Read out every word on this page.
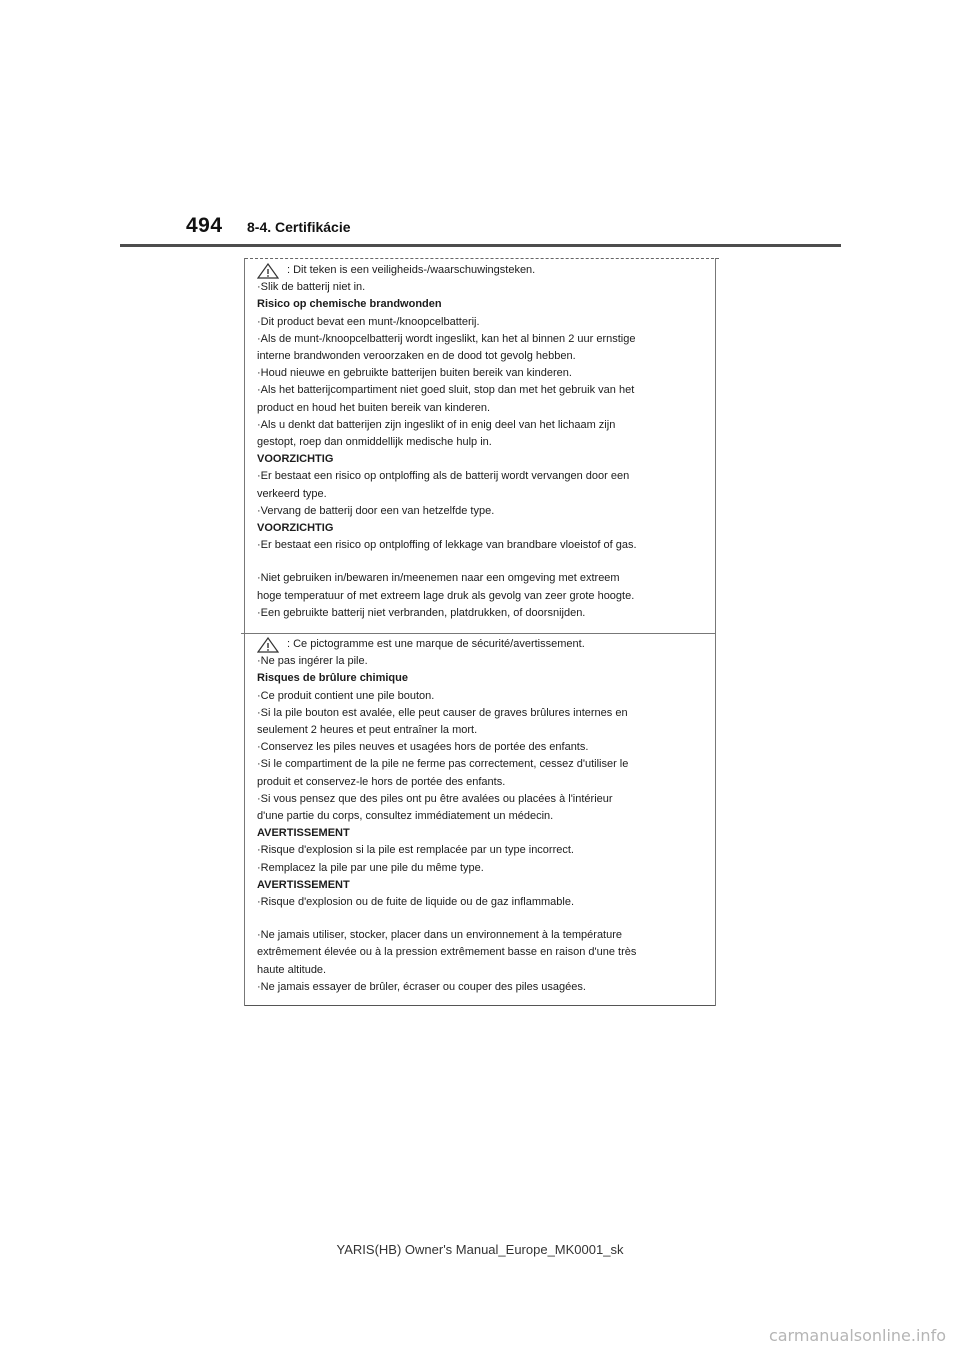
494 8-4. Certifikácie
: Dit teken is een veiligheids-/waarschuwingsteken.
·Slik de batterij niet in.
Risico op chemische brandwonden
·Dit product bevat een munt-/knoopcelbatterij.
·Als de munt-/knoopcelbatterij wordt ingeslikt, kan het al binnen 2 uur ernstige
interne brandwonden veroorzaken en de dood tot gevolg hebben.
·Houd nieuwe en gebruikte batterijen buiten bereik van kinderen.
·Als het batterijcompartiment niet goed sluit, stop dan met het gebruik van het
product en houd het buiten bereik van kinderen.
·Als u denkt dat batterijen zijn ingeslikt of in enig deel van het lichaam zijn
gestopt, roep dan onmiddellijk medische hulp in.
VOORZICHTIG
·Er bestaat een risico op ontploffing als de batterij wordt vervangen door een
verkeerd type.
·Vervang de batterij door een van hetzelfde type.
VOORZICHTIG
·Er bestaat een risico op ontploffing of lekkage van brandbare vloeistof of gas.
·Niet gebruiken in/bewaren in/meenemen naar een omgeving met extreem
hoge temperatuur of met extreem lage druk als gevolg van zeer grote hoogte.
·Een gebruikte batterij niet verbranden, platdrukken, of doorsnijden.
: Ce pictogramme est une marque de sécurité/avertissement.
·Ne pas ingérer la pile.
Risques de brûlure chimique
·Ce produit contient une pile bouton.
·Si la pile bouton est avalée, elle peut causer de graves brûlures internes en
seulement 2 heures et peut entraîner la mort.
·Conservez les piles neuves et usagées hors de portée des enfants.
·Si le compartiment de la pile ne ferme pas correctement, cessez d'utiliser le
produit et conservez-le hors de portée des enfants.
·Si vous pensez que des piles ont pu être avalées ou placées à l'intérieur
d'une partie du corps, consultez immédiatement un médecin.
AVERTISSEMENT
·Risque d'explosion si la pile est remplacée par un type incorrect.
·Remplacez la pile par une pile du même type.
AVERTISSEMENT
·Risque d'explosion ou de fuite de liquide ou de gaz inflammable.
·Ne jamais utiliser, stocker, placer dans un environnement à la température
extrêmement élevée ou à la pression extrêmement basse en raison d'une très
haute altitude.
·Ne jamais essayer de brûler, écraser ou couper des piles usagées.
YARIS(HB) Owner's Manual_Europe_MK0001_sk
carmanualsonline.info
